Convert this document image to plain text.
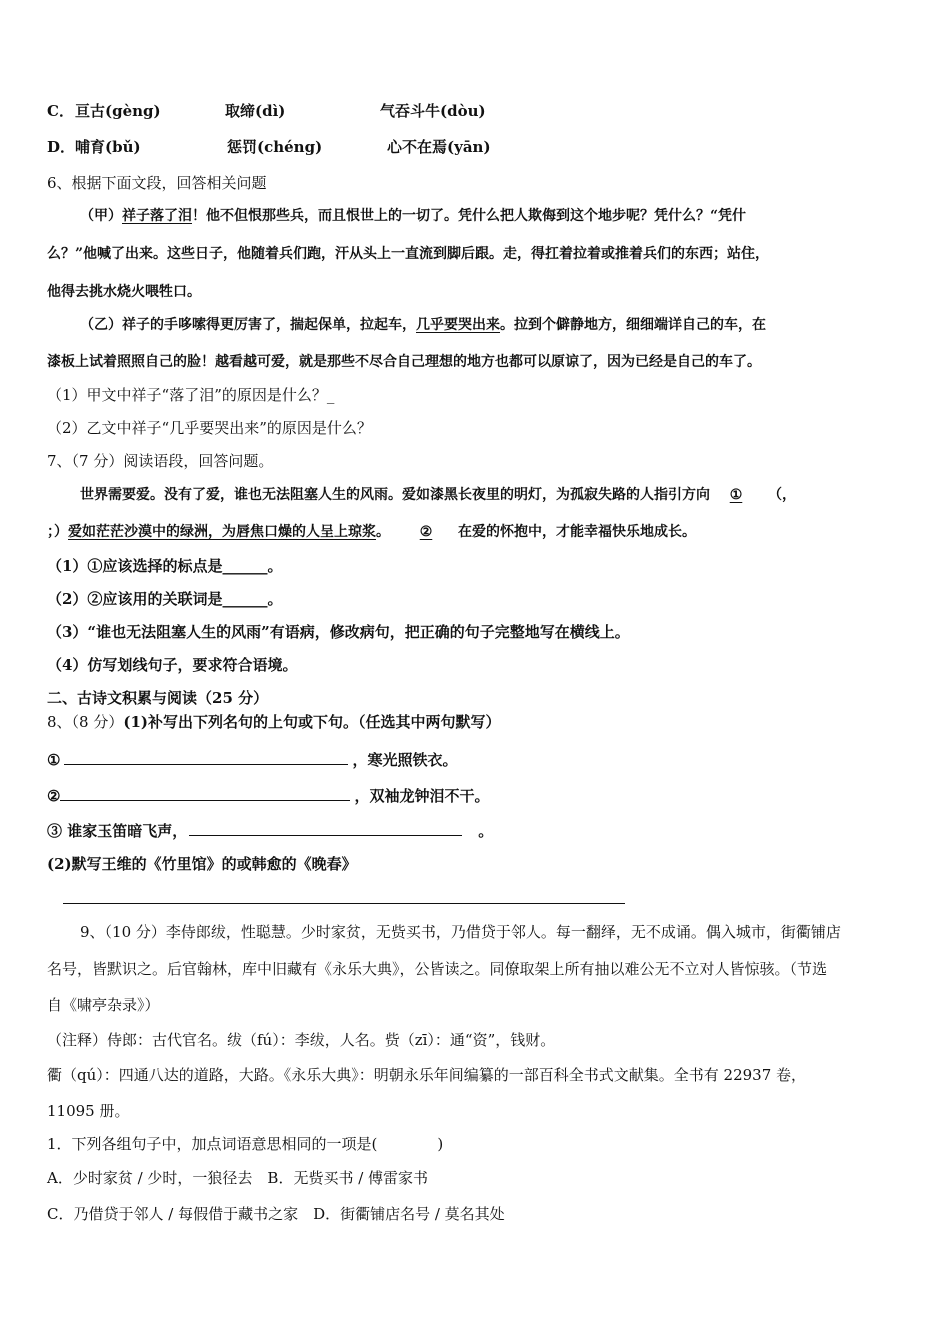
C．亘古(gèng)	取缔(dì)	气吞斗牛(dòu)
D．哺育(bǔ)	惩罚(chéng)	心不在焉(yān)
6、根据下面文段，回答相关问题
（甲）祥子落了泪！他不但恨那些兵，而且恨世上的一切了。凭什么把人欺侮到这个地步呢？凭什么？“凭什
么？”他喊了出来。这些日子，他随着兵们跑，汗从头上一直流到脚后跟。走，得扛着拉着或推着兵们的东西；站住，
他得去挑水烧火喂牲口。
（乙）祥子的手哆嗦得更厉害了，揣起保单，拉起车，几乎要哭出来。拉到个僻静地方，细细端详自己的车，在
漆板上试着照照自己的脸！越看越可爱，就是那些不尽合自己理想的地方也都可以原谅了，因为已经是自己的车了。
（1）甲文中祥子“落了泪”的原因是什么？_
（2）乙文中祥子“几乎要哭出来”的原因是什么？
7、（7 分）阅读语段，回答问题。
世界需要爱。没有了爱，谁也无法阻塞人生的风雨。爱如漆黑长夜里的明灯，为孤寂失路的人指引方向 ① （，
；）爱如茫茫沙漠中的绿洲，为唇焦口燥的人呈上琼浆。 ② 在爱的怀抱中，才能幸福快乐地成长。
（1）①应该选择的标点是______。
（2）②应该用的关联词是______。
（3）“谁也无法阻塞人生的风雨”有语病，修改病句，把正确的句子完整地写在横线上。
（4）仿写划线句子，要求符合语境。
二、古诗文积累与阅读（25 分）
8、（8 分）(1)补写出下列名句的上句或下句。（任选其中两句默写）
①	，寒光照铁衣。
②	，双袖龙钟泪不干。
③ 谁家玉笛暗飞声，	。
(2)默写王维的《竹里馆》的或韩愈的《晚春》
9、（10 分）李侍郎绂，性聪慧。少时家贫，无赀买书，乃借贷于邻人。每一翻绎，无不成诵。偶入城市，街衢铺店
名号，皆默识之。后官翰林，库中旧藏有《永乐大典》，公皆读之。同僚取架上所有抽以难公无不立对人皆惊骇。（节选
自《啸亭杂录》）
（注释）侍郎：古代官名。绂（fú）：李绂，人名。赀（zī）：通“资”，钱财。
衢（qú）：四通八达的道路，大路。《永乐大典》：明朝永乐年间编纂的一部百科全书式文献集。全书有 22937 卷，
11095 册。
1．下列各组句子中，加点词语意思相同的一项是(　　　　)
A．少时家贫 / 少时，一狼径去　B．无赀买书 / 傅雷家书
C．乃借贷于邻人 / 每假借于藏书之家　D．街衢铺店名号 / 莫名其处
